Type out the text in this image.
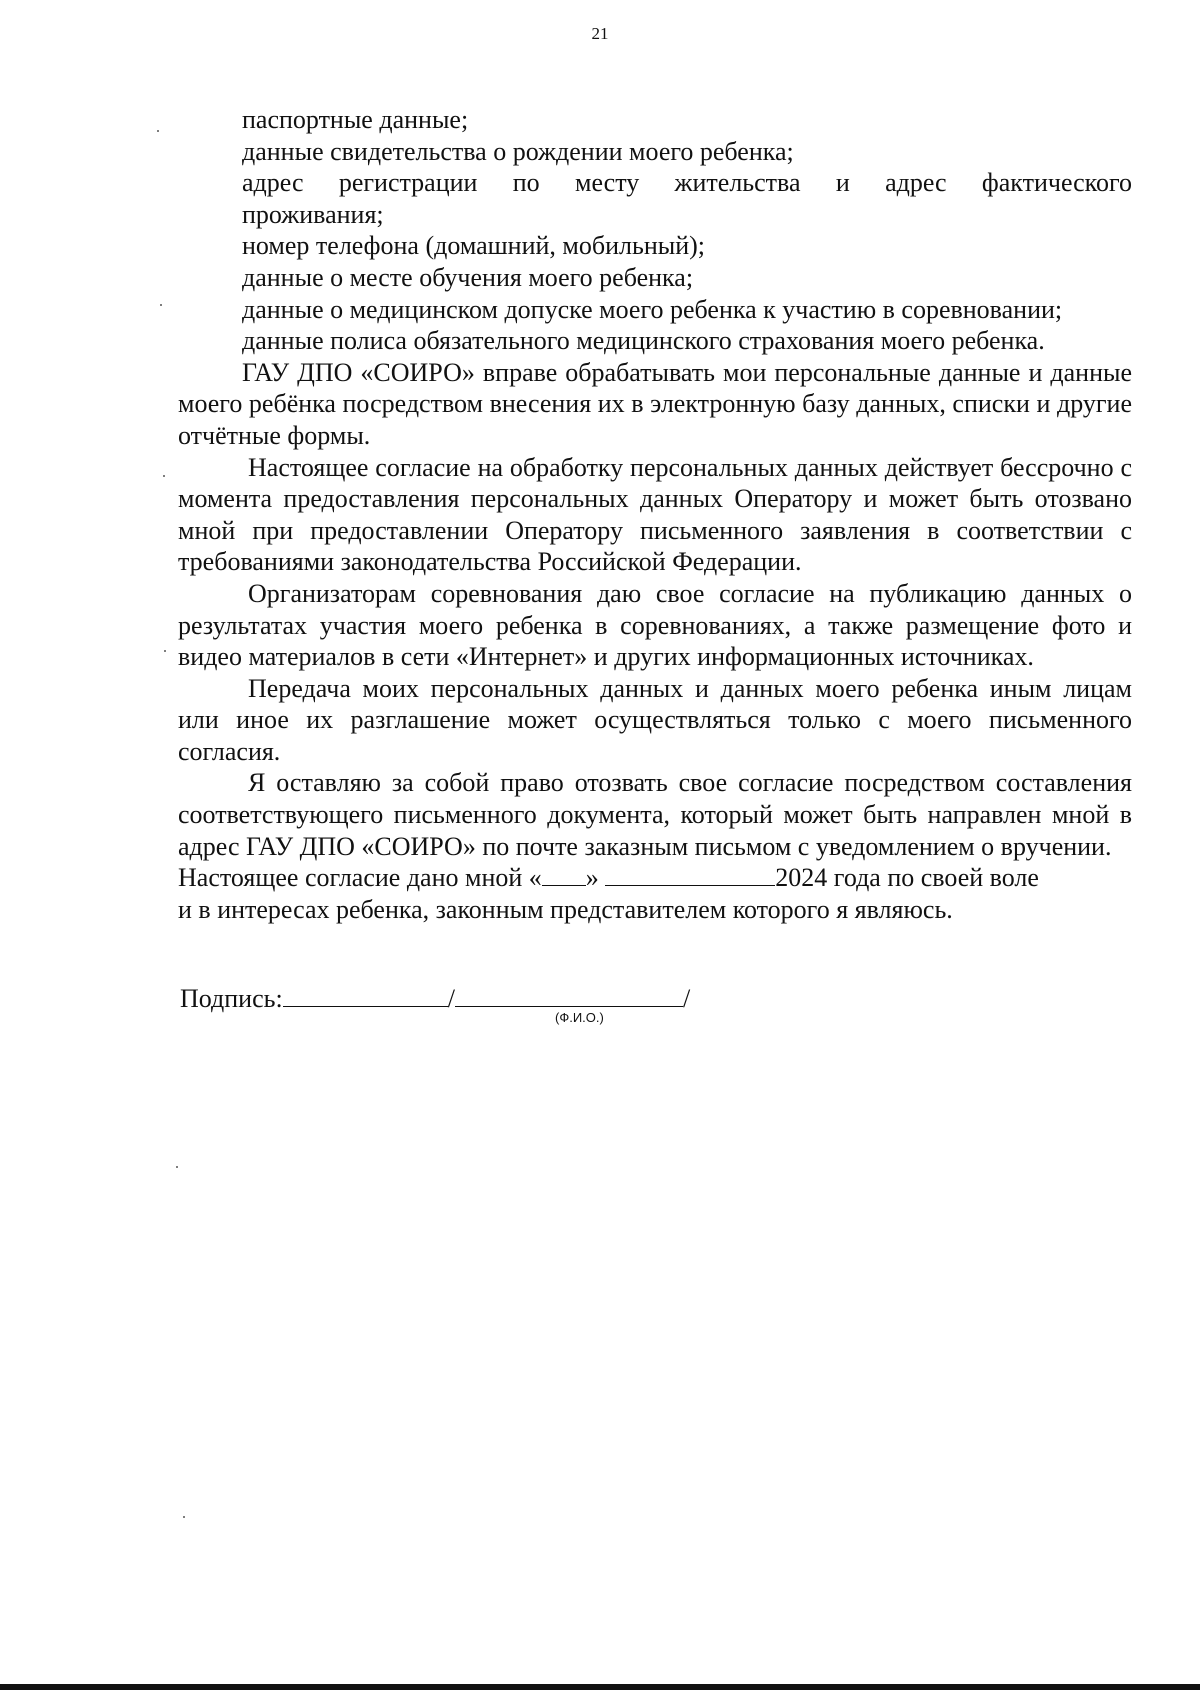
21

паспортные данные;

данные свидетельства о рождении моего ребенка;

адрес регистрации по месту жительства и адрес фактического

проживания;

номер телефона (домашний, мобильный);

данные о месте обучения моего ребенка;

данные о медицинском допуске моего ребенка к участию в соревновании;

данные полиса обязательного медицинского страхования моего ребенка.

ГАУ ДПО «СОИРО» вправе обрабатывать мои персональные данные и данные моего ребёнка посредством внесения их в электронную базу данных, списки и другие отчётные формы.

Настоящее согласие на обработку персональных данных действует бессрочно с момента предоставления персональных данных Оператору и может быть отозвано мной при предоставлении Оператору письменного заявления в соответствии с требованиями законодательства Российской Федерации.

Организаторам соревнования даю свое согласие на публикацию данных о результатах участия моего ребенка в соревнованиях, а также размещение фото и видео материалов в сети «Интернет» и других информационных источниках.

Передача моих персональных данных и данных моего ребенка иным лицам или иное их разглашение может осуществляться только с моего письменного согласия.

Я оставляю за собой право отозвать свое согласие посредством составления соответствующего письменного документа, который может быть направлен мной в адрес ГАУ ДПО «СОИРО» по почте заказным письмом с уведомлением о вручении.

Настоящее согласие дано мной « »	2024 года по своей воле

и в интересах ребенка, законным представителем которого я являюсь.

Подпись:	/	/
(Ф.И.О.)
